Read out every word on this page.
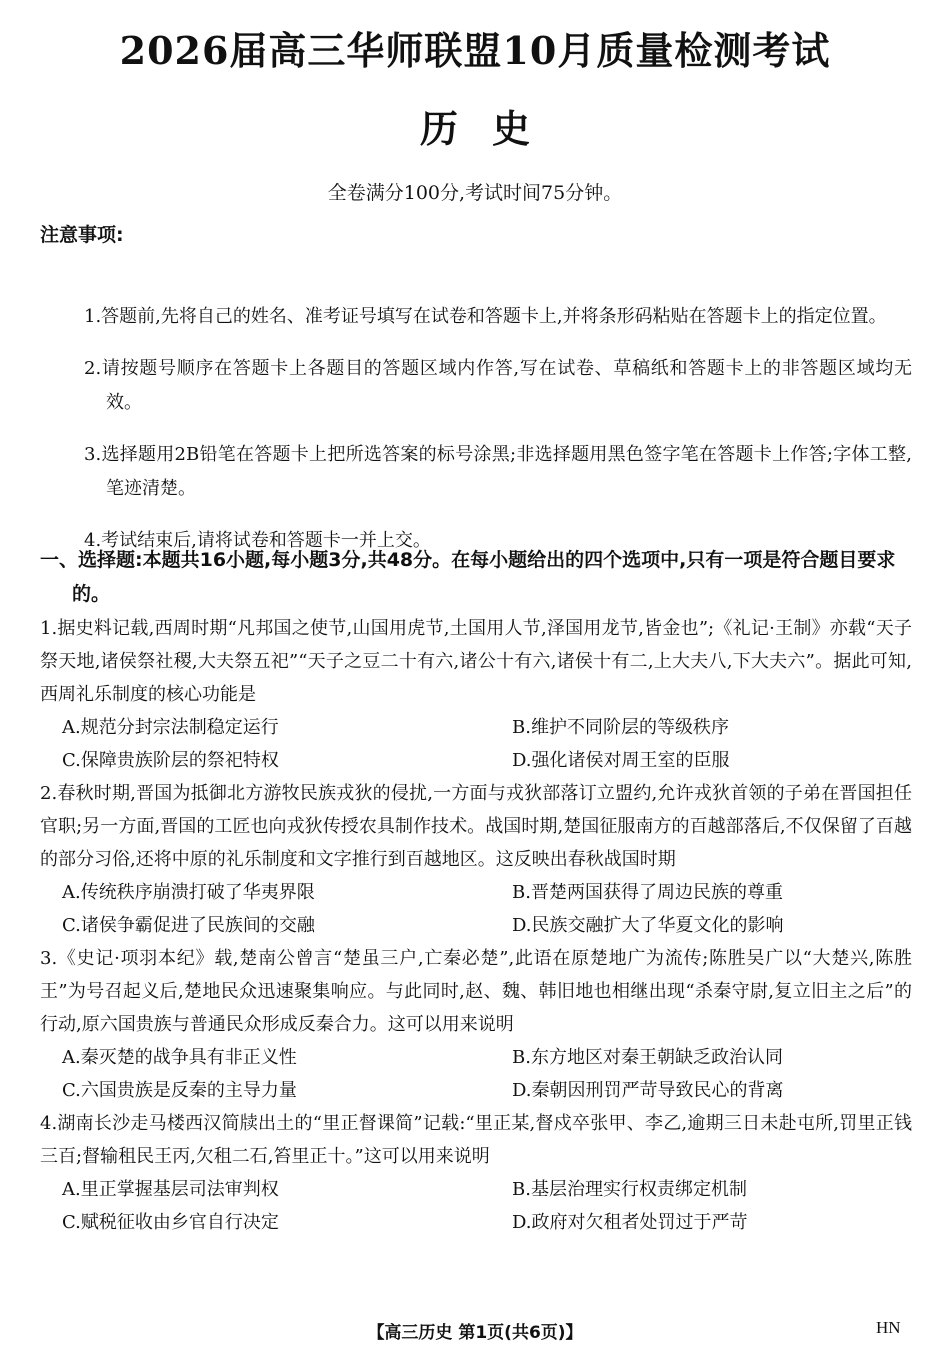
2026届高三华师联盟10月质量检测考试
历史
全卷满分100分,考试时间75分钟。
注意事项:

1.答题前,先将自己的姓名、准考证号填写在试卷和答题卡上,并将条形码粘贴在答题卡上的指定位置。

2.请按题号顺序在答题卡上各题目的答题区域内作答,写在试卷、草稿纸和答题卡上的非答题区域均无效。

3.选择题用2B铅笔在答题卡上把所选答案的标号涂黑;非选择题用黑色签字笔在答题卡上作答;字体工整,笔迹清楚。

4.考试结束后,请将试卷和答题卡一并上交。

一、选择题:本题共16小题,每小题3分,共48分。在每小题给出的四个选项中,只有一项是符合题目要求的。

1.据史料记载,西周时期“凡邦国之使节,山国用虎节,土国用人节,泽国用龙节,皆金也”;《礼记·王制》亦载“天子祭天地,诸侯祭社稷,大夫祭五祀”“天子之豆二十有六,诸公十有六,诸侯十有二,上大夫八,下大夫六”。据此可知,西周礼乐制度的核心功能是

A.规范分封宗法制稳定运行	B.维护不同阶层的等级秩序
C.保障贵族阶层的祭祀特权	D.强化诸侯对周王室的臣服

2.春秋时期,晋国为抵御北方游牧民族戎狄的侵扰,一方面与戎狄部落订立盟约,允许戎狄首领的子弟在晋国担任官职;另一方面,晋国的工匠也向戎狄传授农具制作技术。战国时期,楚国征服南方的百越部落后,不仅保留了百越的部分习俗,还将中原的礼乐制度和文字推行到百越地区。这反映出春秋战国时期

A.传统秩序崩溃打破了华夷界限	B.晋楚两国获得了周边民族的尊重
C.诸侯争霸促进了民族间的交融	D.民族交融扩大了华夏文化的影响

3.《史记·项羽本纪》载,楚南公曾言“楚虽三户,亡秦必楚”,此语在原楚地广为流传;陈胜吴广以“大楚兴,陈胜王”为号召起义后,楚地民众迅速聚集响应。与此同时,赵、魏、韩旧地也相继出现“杀秦守尉,复立旧主之后”的行动,原六国贵族与普通民众形成反秦合力。这可以用来说明

A.秦灭楚的战争具有非正义性	B.东方地区对秦王朝缺乏政治认同
C.六国贵族是反秦的主导力量	D.秦朝因刑罚严苛导致民心的背离

4.湖南长沙走马楼西汉简牍出土的“里正督课简”记载:“里正某,督戍卒张甲、李乙,逾期三日未赴屯所,罚里正钱三百;督输租民王丙,欠租二石,笞里正十。”这可以用来说明

A.里正掌握基层司法审判权	B.基层治理实行权责绑定机制
C.赋税征收由乡官自行决定	D.政府对欠租者处罚过于严苛
【高三历史 第1页(共6页)】	HN
